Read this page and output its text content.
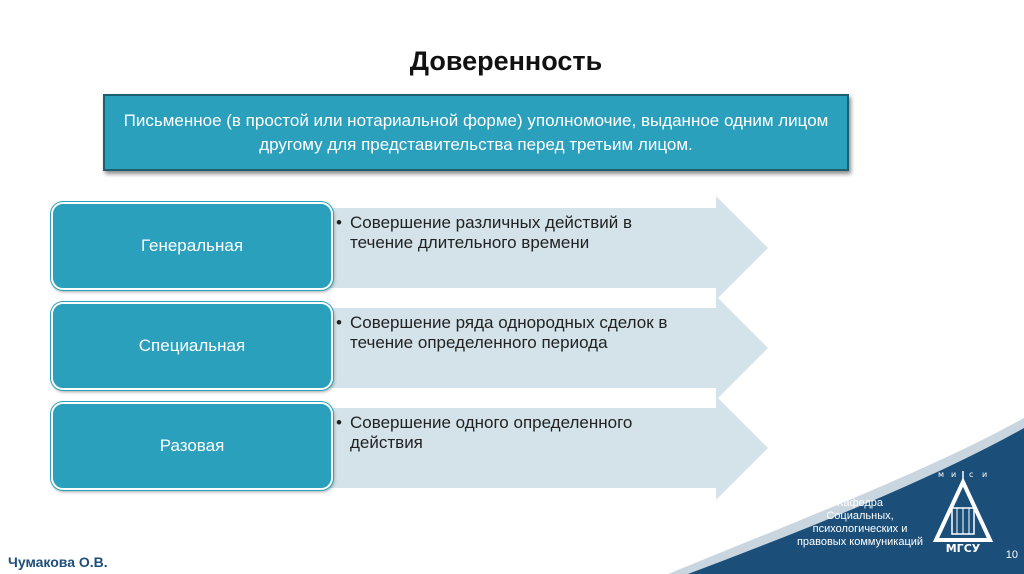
Доверенность
Письменное (в простой или нотариальной форме) уполномочие, выданное одним лицом другому для представительства перед третьим лицом.
Генеральная
• Совершение различных действий в течение длительного времени
Специальная
• Совершение ряда однородных сделок в течение определенного периода
Разовая
• Совершение одного определенного действия
Кафедра
Социальных,
психологических и
правовых коммуникаций
м и с и
МГСУ	10
Чумакова О.В.
